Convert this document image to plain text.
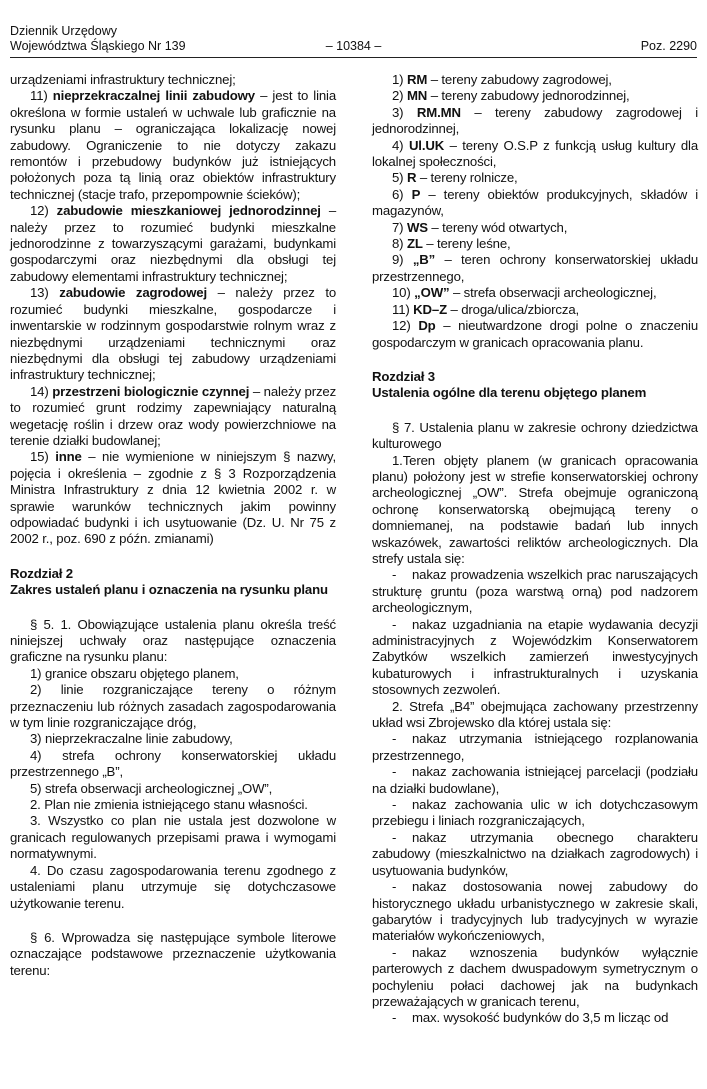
Dziennik Urzędowy
Województwa Śląskiego Nr 139	– 10384 –	Poz. 2290

urządzeniami infrastruktury technicznej;

11) nieprzekraczalnej linii zabudowy – jest to linia określona w formie ustaleń w uchwale lub graficznie na rysunku planu – ograniczająca lokalizację nowej zabudowy. Ograniczenie to nie dotyczy zakazu remontów i przebudowy budynków już istniejących położonych poza tą linią oraz obiektów infrastruktury technicznej (stacje trafo, przepompownie ścieków);

12) zabudowie mieszkaniowej jednorodzinnej – należy przez to rozumieć budynki mieszkalne jednorodzinne z towarzyszącymi garażami, budynkami gospodarczymi oraz niezbędnymi dla obsługi tej zabudowy elementami infrastruktury technicznej;

13) zabudowie zagrodowej – należy przez to rozumieć budynki mieszkalne, gospodarcze i inwentarskie w rodzinnym gospodarstwie rolnym wraz z niezbędnymi urządzeniami technicznymi oraz niezbędnymi dla obsługi tej zabudowy urządzeniami infrastruktury technicznej;

14) przestrzeni biologicznie czynnej – należy przez to rozumieć grunt rodzimy zapewniający naturalną wegetację roślin i drzew oraz wody powierzchniowe na terenie działki budowlanej;

15) inne – nie wymienione w niniejszym § nazwy, pojęcia i określenia – zgodnie z § 3 Rozporządzenia Ministra Infrastruktury z dnia 12 kwietnia 2002 r. w sprawie warunków technicznych jakim powinny odpowiadać budynki i ich usytuowanie (Dz. U. Nr 75 z 2002 r., poz. 690 z późn. zmianami)

Rozdział 2

Zakres ustaleń planu i oznaczenia na rysunku planu

§ 5. 1. Obowiązujące ustalenia planu określa treść niniejszej uchwały oraz następujące oznaczenia graficzne na rysunku planu:

1) granice obszaru objętego planem,

2) linie rozgraniczające tereny o różnym przeznaczeniu lub różnych zasadach zagospodarowania w tym linie rozgraniczające dróg,

3) nieprzekraczalne linie zabudowy,

4) strefa ochrony konserwatorskiej układu przestrzennego „B”,

5) strefa obserwacji archeologicznej „OW”,

2. Plan nie zmienia istniejącego stanu własności.

3. Wszystko co plan nie ustala jest dozwolone w granicach regulowanych przepisami prawa i wymogami normatywnymi.

4. Do czasu zagospodarowania terenu zgodnego z ustaleniami planu utrzymuje się dotychczasowe użytkowanie terenu.

§ 6. Wprowadza się następujące symbole literowe oznaczające podstawowe przeznaczenie użytkowania terenu:

1) RM – tereny zabudowy zagrodowej,

2) MN – tereny zabudowy jednorodzinnej,

3) RM.MN – tereny zabudowy zagrodowej i jednorodzinnej,

4) Ul.UK – tereny O.S.P z funkcją usług kultury dla lokalnej społeczności,

5) R – tereny rolnicze,

6) P – tereny obiektów produkcyjnych, składów i magazynów,

7) WS – tereny wód otwartych,

8) ZL – tereny leśne,

9) „B” – teren ochrony konserwatorskiej układu przestrzennego,

10) „OW” – strefa obserwacji archeologicznej,

11) KD–Z – droga/ulica/zbiorcza,

12) Dp – nieutwardzone drogi polne o znaczeniu gospodarczym w granicach opracowania planu.

Rozdział 3

Ustalenia ogólne dla terenu objętego planem

§ 7. Ustalenia planu w zakresie ochrony dziedzictwa kulturowego

1.Teren objęty planem (w granicach opracowania planu) położony jest w strefie konserwatorskiej ochrony archeologicznej „OW”. Strefa obejmuje ograniczoną ochronę konserwatorską obejmującą tereny o domniemanej, na podstawie badań lub innych wskazówek, zawartości reliktów archeologicznych. Dla strefy ustala się:

- nakaz prowadzenia wszelkich prac naruszających strukturę gruntu (poza warstwą orną) pod nadzorem archeologicznym,

- nakaz uzgadniania na etapie wydawania decyzji administracyjnych z Wojewódzkim Konserwatorem Zabytków wszelkich zamierzeń inwestycyjnych kubaturowych i infrastrukturalnych i uzyskania stosownych zezwoleń.

2. Strefa „B4” obejmująca zachowany przestrzenny układ wsi Zbrojewsko dla której ustala się:

- nakaz utrzymania istniejącego rozplanowania przestrzennego,

- nakaz zachowania istniejącej parcelacji (podziału na działki budowlane),

- nakaz zachowania ulic w ich dotychczasowym przebiegu i liniach rozgraniczających,

- nakaz utrzymania obecnego charakteru zabudowy (mieszkalnictwo na działkach zagrodowych) i usytuowania budynków,

- nakaz dostosowania nowej zabudowy do historycznego układu urbanistycznego w zakresie skali, gabarytów i tradycyjnych lub tradycyjnych w wyrazie materiałów wykończeniowych,

- nakaz wznoszenia budynków wyłącznie parterowych z dachem dwuspadowym symetrycznym o pochyleniu połaci dachowej jak na budynkach przeważających w granicach terenu,

- max. wysokość budynków do 3,5 m licząc od
